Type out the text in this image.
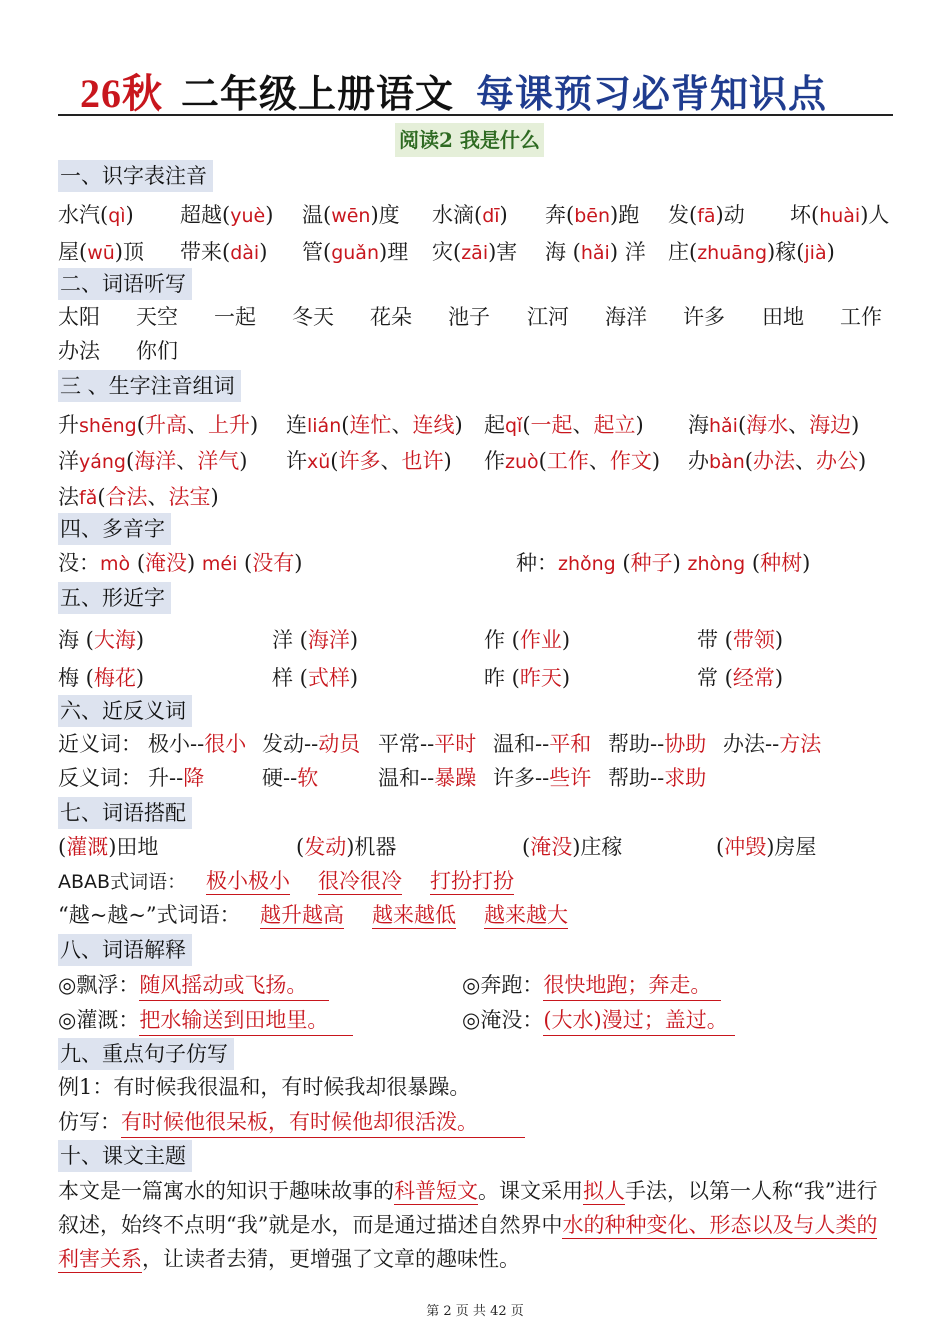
26秋 二年级上册语文 每课预习必背知识点
阅读2 我是什么
一、识字表注音
水汽(qì) 超越(yuè) 温(wēn)度 水滴(dī) 奔(bēn)跑 发(fā)动 坏(huài)人
屋(wū)顶 带来(dài) 管(guǎn)理 灾(zāi)害 海 (hǎi) 洋 庄(zhuāng)稼(jià)
二、词语听写
太阳 天空 一起 冬天 花朵 池子 江河 海洋 许多 田地 工作
办法 你们
三 、生字注音组词
升shēng(升高、上升) 连lián(连忙、连线) 起qǐ(一起、起立) 海hǎi(海水、海边)
洋yáng(海洋、洋气) 许xǔ(许多、也许) 作zuò(工作、作文) 办bàn(办法、办公)
法fǎ(合法、法宝)
四、多音字
没：mò (淹没) méi (没有)	种：zhǒng (种子) zhòng (种树)
五、形近字
海 (大海)	洋 (海洋)	作 (作业)	带 (带领)
梅 (梅花)	样 (式样)	昨 (昨天)	常 (经常)
六、近反义词
近义词： 极小--很小 发动--动员 平常--平时 温和--平和 帮助--协助 办法--方法
反义词： 升--降	硬--软	温和--暴躁 许多--些许 帮助--求助
七、词语搭配
(灌溉)田地	(发动)机器	(淹没)庄稼	(冲毁)房屋
ABAB式词语： 极小极小 很冷很冷 打扮打扮
“越~越~”式词语： 越升越高 越来越低 越来越大
八、词语解释
◎飘浮：随风摇动或飞扬。	◎奔跑：很快地跑；奔走。
◎灌溉：把水输送到田地里。	◎淹没：(大水)漫过；盖过。
九、重点句子仿写
例1：有时候我很温和，有时候我却很暴躁。
仿写：有时候他很呆板，有时候他却很活泼。
十、课文主题
本文是一篇寓水的知识于趣味故事的科普短文。课文采用拟人手法，以第一人称“我”进行叙述，始终不点明“我”就是水，而是通过描述自然界中水的种种变化、形态以及与人类的利害关系，让读者去猜，更增强了文章的趣味性。
第 2 页 共 42 页
